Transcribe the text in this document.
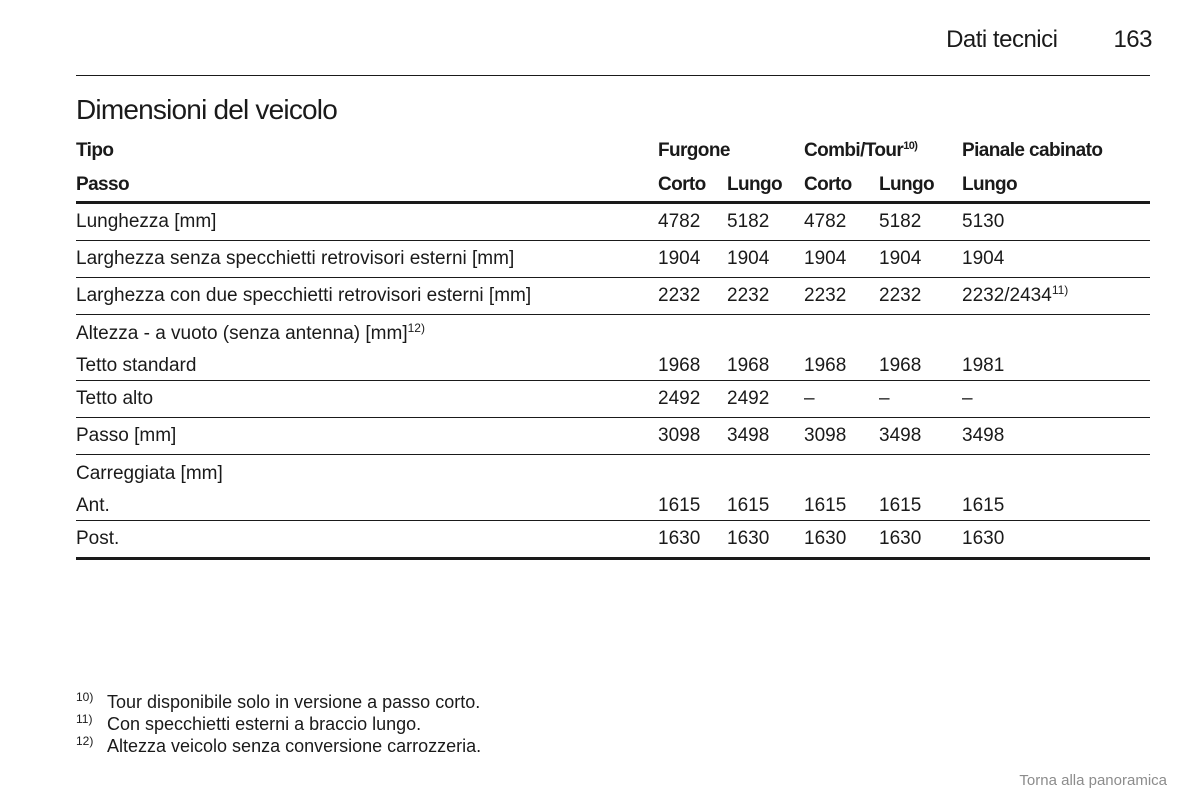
Dati tecnici 163
Dimensioni del veicolo
Tipo	Furgone		Combi/Tour$^{10)}$		Pianale cabinato
Passo	Corto	Lungo	Corto	Lungo	Lungo
Lunghezza [mm]	4782	5182	4782	5182	5130
Larghezza senza specchietti retrovisori esterni [mm]	1904	1904	1904	1904	1904
Larghezza con due specchietti retrovisori esterni [mm]	2232	2232	2232	2232	2232/2434$^{11)}$
Altezza - a vuoto (senza antenna) [mm]$^{12)}$
Tetto standard	1968	1968	1968	1968	1981
Tetto alto	2492	2492	–	–	–
Passo [mm]	3098	3498	3098	3498	3498
Carreggiata [mm]					
Ant.	1615	1615	1615	1615	1615
Post.	1630	1630	1630	1630	1630
10) Tour disponibile solo in versione a passo corto.
11) Con specchietti esterni a braccio lungo.
12) Altezza veicolo senza conversione carrozzeria.
Torna alla panoramica
